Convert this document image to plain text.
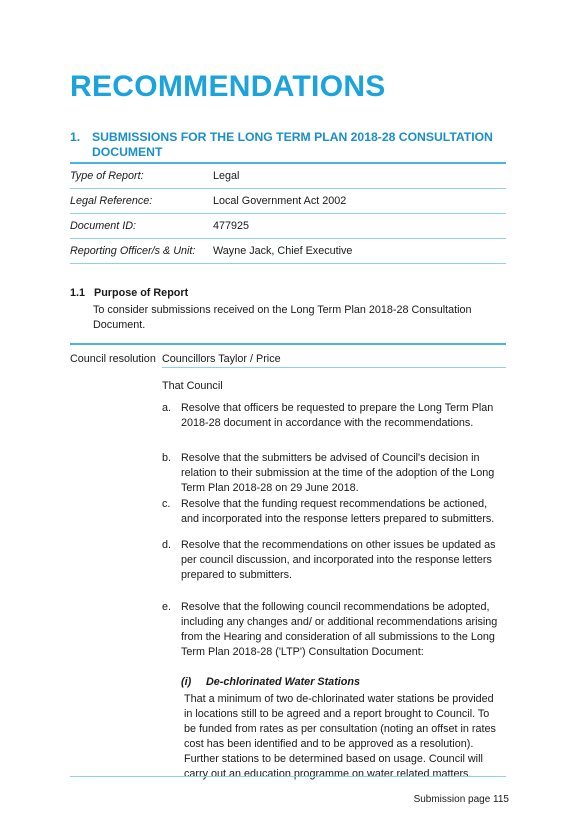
RECOMMENDATIONS
1. SUBMISSIONS FOR THE LONG TERM PLAN 2018-28 CONSULTATION DOCUMENT
Type of Report:	Legal
Legal Reference:	Local Government Act 2002
Document ID:	477925
Reporting Officer/s & Unit:	Wayne Jack, Chief Executive
1.1 Purpose of Report
To consider submissions received on the Long Term Plan 2018-28 Consultation Document.
Council resolution Councillors Taylor / Price
That Council
a. Resolve that officers be requested to prepare the Long Term Plan 2018-28 document in accordance with the recommendations.
b. Resolve that the submitters be advised of Council's decision in relation to their submission at the time of the adoption of the Long Term Plan 2018-28 on 29 June 2018.
c. Resolve that the funding request recommendations be actioned, and incorporated into the response letters prepared to submitters.
d. Resolve that the recommendations on other issues be updated as per council discussion, and incorporated into the response letters prepared to submitters.
e. Resolve that the following council recommendations be adopted, including any changes and/ or additional recommendations arising from the Hearing and consideration of all submissions to the Long Term Plan 2018-28 ('LTP') Consultation Document:
(i) De-chlorinated Water Stations
That a minimum of two de-chlorinated water stations be provided in locations still to be agreed and a report brought to Council. To be funded from rates as per consultation (noting an offset in rates cost has been identified and to be approved as a resolution). Further stations to be determined based on usage. Council will carry out an education programme on water related matters.
Submission page 115
